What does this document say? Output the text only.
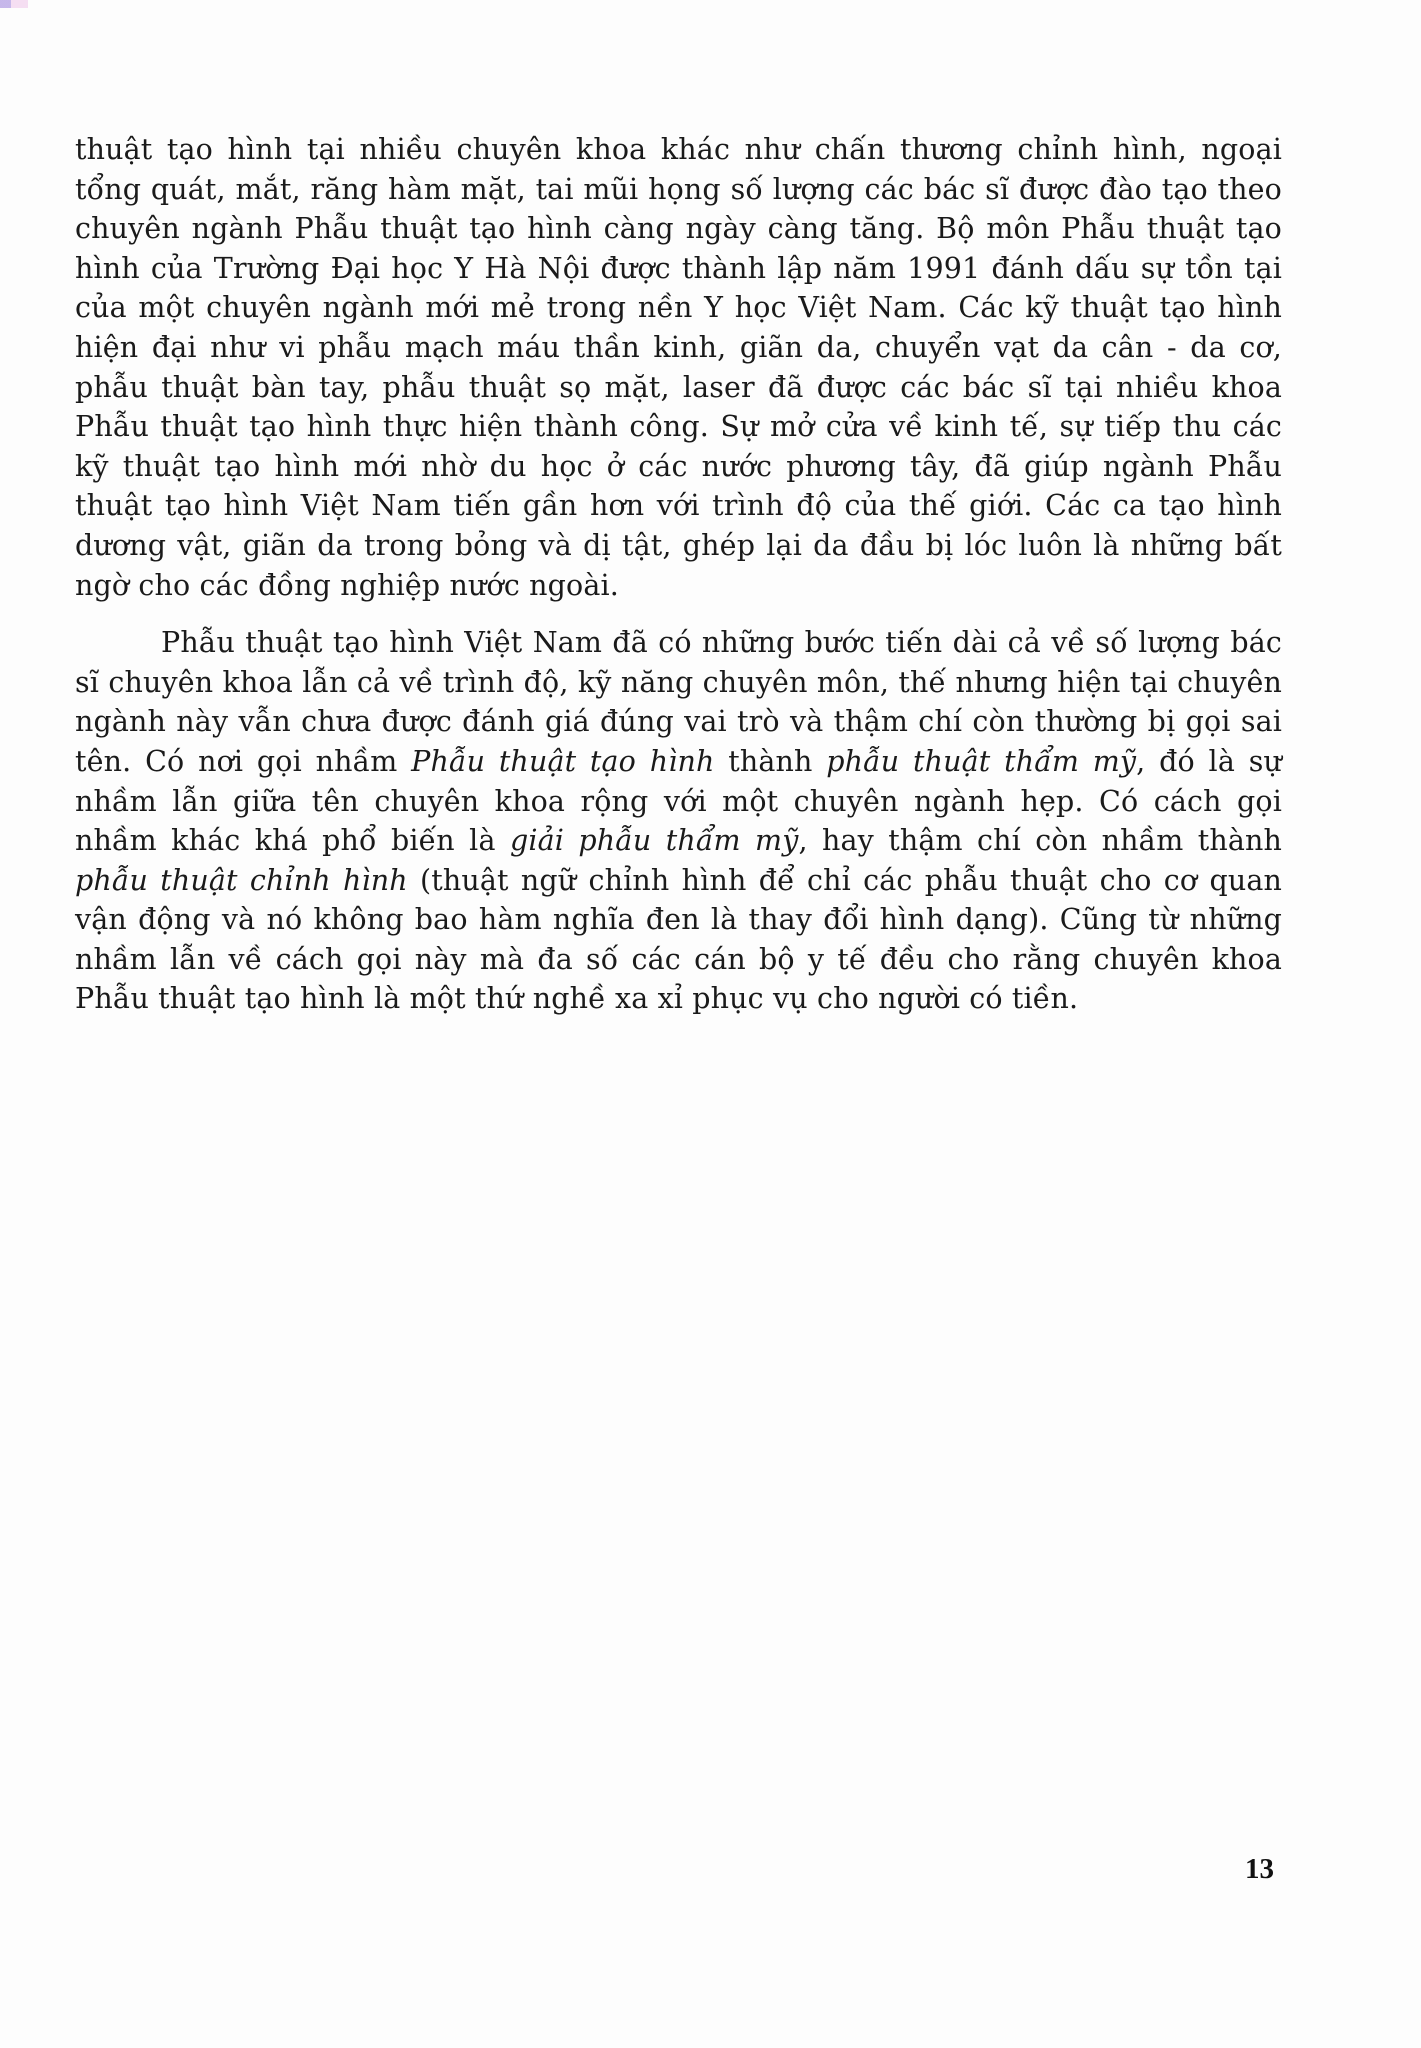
thuật tạo hình tại nhiều chuyên khoa khác như chấn thương chỉnh hình, ngoại tổng quát, mắt, răng hàm mặt, tai mũi họng số lượng các bác sĩ được đào tạo theo chuyên ngành Phẫu thuật tạo hình càng ngày càng tăng. Bộ môn Phẫu thuật tạo hình của Trường Đại học Y Hà Nội được thành lập năm 1991 đánh dấu sự tồn tại của một chuyên ngành mới mẻ trong nền Y học Việt Nam. Các kỹ thuật tạo hình hiện đại như vi phẫu mạch máu thần kinh, giãn da, chuyển vạt da cân - da cơ, phẫu thuật bàn tay, phẫu thuật sọ mặt, laser đã được các bác sĩ tại nhiều khoa Phẫu thuật tạo hình thực hiện thành công. Sự mở cửa về kinh tế, sự tiếp thu các kỹ thuật tạo hình mới nhờ du học ở các nước phương tây, đã giúp ngành Phẫu thuật tạo hình Việt Nam tiến gần hơn với trình độ của thế giới. Các ca tạo hình dương vật, giãn da trong bỏng và dị tật, ghép lại da đầu bị lóc luôn là những bất ngờ cho các đồng nghiệp nước ngoài.

Phẫu thuật tạo hình Việt Nam đã có những bước tiến dài cả về số lượng bác sĩ chuyên khoa lẫn cả về trình độ, kỹ năng chuyên môn, thế nhưng hiện tại chuyên ngành này vẫn chưa được đánh giá đúng vai trò và thậm chí còn thường bị gọi sai tên. Có nơi gọi nhầm Phẫu thuật tạo hình thành phẫu thuật thẩm mỹ, đó là sự nhầm lẫn giữa tên chuyên khoa rộng với một chuyên ngành hẹp. Có cách gọi nhầm khác khá phổ biến là giải phẫu thẩm mỹ, hay thậm chí còn nhầm thành phẫu thuật chỉnh hình (thuật ngữ chỉnh hình để chỉ các phẫu thuật cho cơ quan vận động và nó không bao hàm nghĩa đen là thay đổi hình dạng). Cũng từ những nhầm lẫn về cách gọi này mà đa số các cán bộ y tế đều cho rằng chuyên khoa Phẫu thuật tạo hình là một thứ nghề xa xỉ phục vụ cho người có tiền.

13
